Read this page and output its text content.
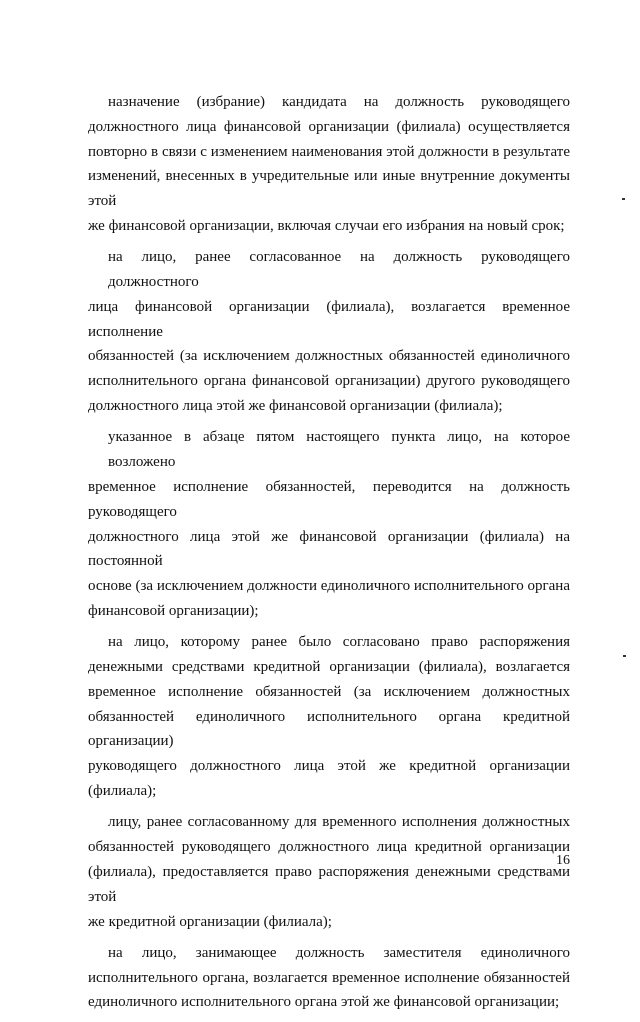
назначение (избрание) кандидата на должность руководящего
должностного лица финансовой организации (филиала) осуществляется
повторно в связи с изменением наименования этой должности в результате
изменений, внесенных в учредительные или иные внутренние документы этой
же финансовой организации, включая случаи его избрания на новый срок;
на лицо, ранее согласованное на должность руководящего должностного
лица финансовой организации (филиала), возлагается временное исполнение
обязанностей (за исключением должностных обязанностей единоличного
исполнительного органа финансовой организации) другого руководящего
должностного лица этой же финансовой организации (филиала);
указанное в абзаце пятом настоящего пункта лицо, на которое возложено
временное исполнение обязанностей, переводится на должность руководящего
должностного лица этой же финансовой организации (филиала) на постоянной
основе (за исключением должности единоличного исполнительного органа
финансовой организации);
на лицо, которому ранее было согласовано право распоряжения
денежными средствами кредитной организации (филиала), возлагается
временное исполнение обязанностей (за исключением должностных
обязанностей единоличного исполнительного органа кредитной организации)
руководящего должностного лица этой же кредитной организации (филиала);
лицу, ранее согласованному для временного исполнения должностных
обязанностей руководящего должностного лица кредитной организации
(филиала), предоставляется право распоряжения денежными средствами этой
же кредитной организации (филиала);
на лицо, занимающее должность заместителя единоличного
исполнительного органа, возлагается временное исполнение обязанностей
единоличного исполнительного органа этой же финансовой организации;
16
